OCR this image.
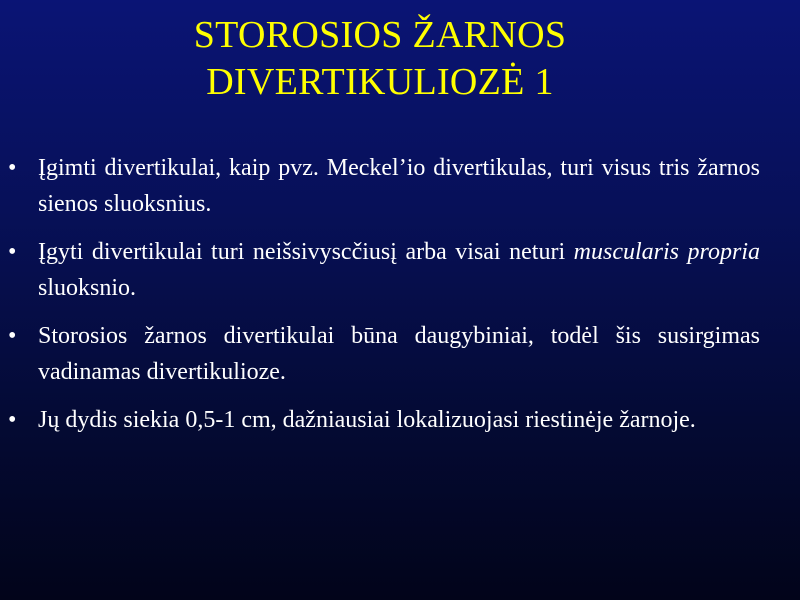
STOROSIOS ŽARNOS
DIVERTIKULIOZĖ 1
• Įgimti divertikulai, kaip pvz. Meckel’io divertikulas, turi visus tris žarnos sienos sluoksnius.
• Įgyti divertikulai turi neišsivyscčiusį arba visai neturi muscularis propria sluoksnio.
• Storosios žarnos divertikulai būna daugybiniai, todėl šis susirgimas vadinamas divertikulioze.
• Jų dydis siekia 0,5-1 cm, dažniausiai lokalizuojasi riestinėje žarnoje.
